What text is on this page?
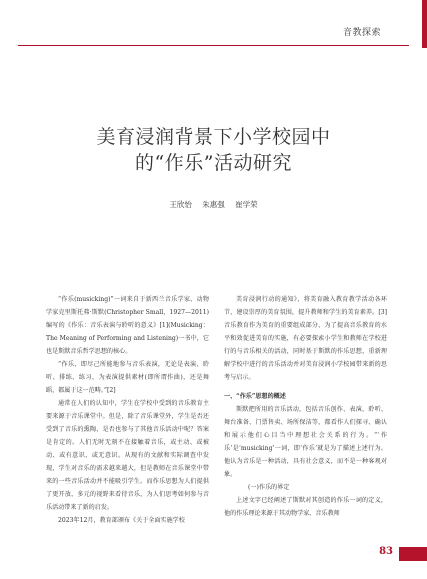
音教探索
美育浸润背景下小学校园中
的“作乐”活动研究
王欣怡 朱惠强 崔学荣

“作乐(musicking)”一词来自于新西兰音乐学家、动物学家克里斯托弗·斯默(Christopher Small，1927—2011)编写的《作乐：音乐表演与聆听的意义》[1](Musicking：The Meaning of Performing and Listening)一书中，它也是斯默音乐哲学思想的核心。

“作乐，即尽己所能地参与音乐表演，无论是表演、聆听、排练、练习，为表演提供素材(即所谓作曲)，还是舞蹈，都属于这一范畴。”[2]

通常在人们的认知中，学生在学校中受到的音乐教育主要来源于音乐课堂中。但是，除了音乐课堂外，学生是否还受到了音乐的熏陶，是否也参与了其他音乐活动中呢？答案是肯定的。人们无时无刻不在接触着音乐，或主动、或被动、或有意识、或无意识。从现有的文献和实际调查中发现，学生对音乐的需求越来越大，但是教师在音乐课堂中带来的一些音乐活动并不能吸引学生。而作乐思想为人们提供了更开放、多元的视野来看待音乐，为人们思考如何参与音乐活动带来了新的启发。

2023年12月，教育部颁布《关于全面实施学校

美育浸润行动的通知》，将美育融入教育教学活动各环节，建设崇厚的美育氛围，提升教师和学生的美育素养。[3]音乐教育作为美育的重要组成部分，为了提高音乐教育的水平和效促进美育的实施，有必要探索小学生和教师在学校进行的与音乐相关的活动，同时基于斯默的作乐思想，重新理解学校中进行的音乐活动并对美育浸润小学校园带来新的思考与启示。

一、“作乐”思想的概述

斯默把所用的音乐活动，包括音乐创作、表演、聆听、舞台准备、门票售卖、场所保洁等，都看作人们探寻、确认和展示他们心目当中理想社会关系的行为。“‘作乐’是‘musicking’一词，即‘作乐’就是为了描述上述行为。他认为音乐是一种活动，具有社会意义，而不是一种客观对象。

(一)作乐的界定

上述文字已经阐述了斯默对其创造的作乐一词的定义，他的作乐理论来源于其动物学家、音乐教师

83
